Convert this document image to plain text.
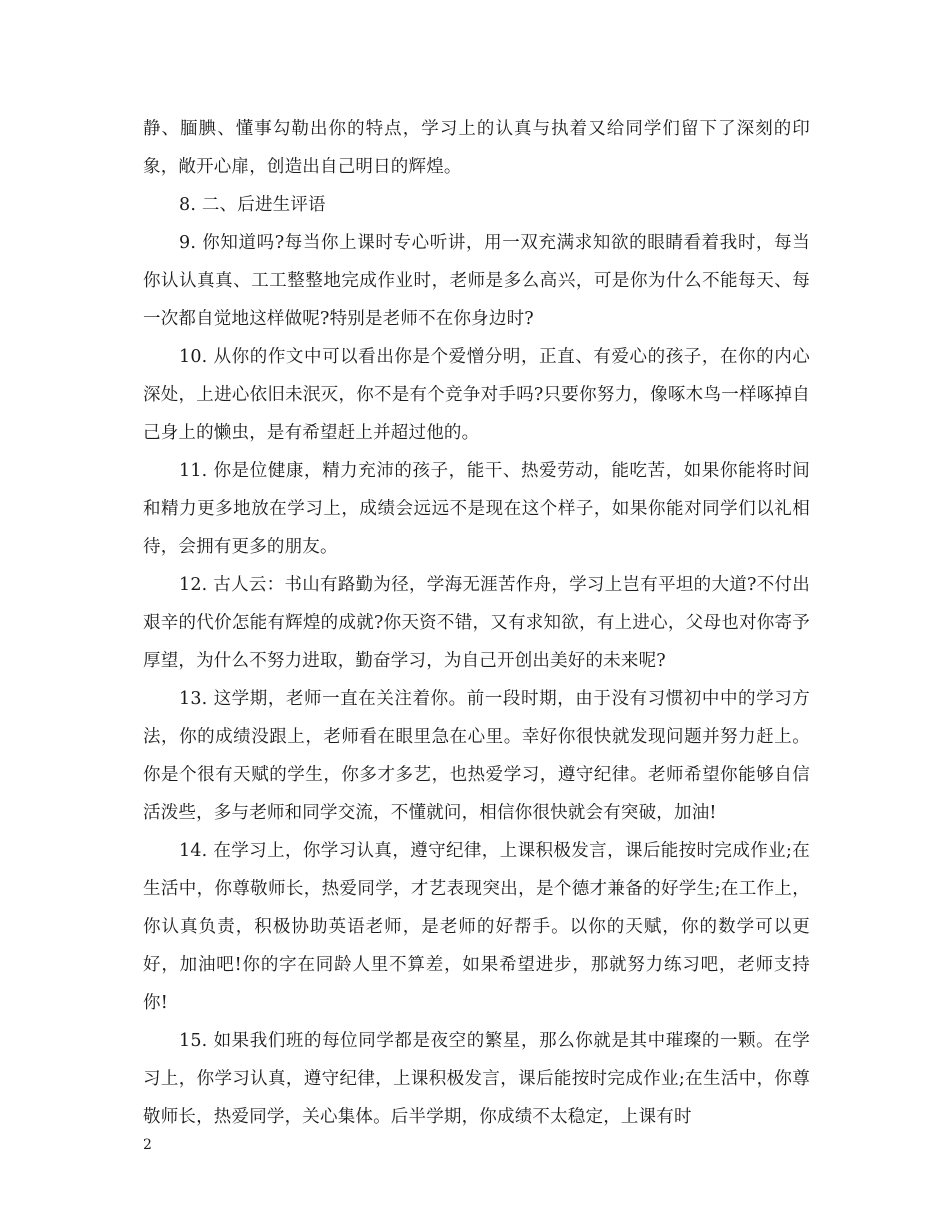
静、腼腆、懂事勾勒出你的特点，学习上的认真与执着又给同学们留下了深刻的印象，敞开心扉，创造出自己明日的辉煌。

8. 二、后进生评语

9. 你知道吗?每当你上课时专心听讲，用一双充满求知欲的眼睛看着我时，每当你认认真真、工工整整地完成作业时，老师是多么高兴，可是你为什么不能每天、每一次都自觉地这样做呢?特别是老师不在你身边时?

10. 从你的作文中可以看出你是个爱憎分明，正直、有爱心的孩子，在你的内心深处，上进心依旧未泯灭，你不是有个竞争对手吗?只要你努力，像啄木鸟一样啄掉自己身上的懒虫，是有希望赶上并超过他的。

11. 你是位健康，精力充沛的孩子，能干、热爱劳动，能吃苦，如果你能将时间和精力更多地放在学习上，成绩会远远不是现在这个样子，如果你能对同学们以礼相待，会拥有更多的朋友。

12. 古人云：书山有路勤为径，学海无涯苦作舟，学习上岂有平坦的大道?不付出艰辛的代价怎能有辉煌的成就?你天资不错，又有求知欲，有上进心，父母也对你寄予厚望，为什么不努力进取，勤奋学习，为自己开创出美好的未来呢?

13. 这学期，老师一直在关注着你。前一段时期，由于没有习惯初中中的学习方法，你的成绩没跟上，老师看在眼里急在心里。幸好你很快就发现问题并努力赶上。你是个很有天赋的学生，你多才多艺，也热爱学习，遵守纪律。老师希望你能够自信活泼些，多与老师和同学交流，不懂就问，相信你很快就会有突破，加油!

14. 在学习上，你学习认真，遵守纪律，上课积极发言，课后能按时完成作业;在生活中，你尊敬师长，热爱同学，才艺表现突出，是个德才兼备的好学生;在工作上，你认真负责，积极协助英语老师，是老师的好帮手。以你的天赋，你的数学可以更好，加油吧!你的字在同龄人里不算差，如果希望进步，那就努力练习吧，老师支持你!

15. 如果我们班的每位同学都是夜空的繁星，那么你就是其中璀璨的一颗。在学习上，你学习认真，遵守纪律，上课积极发言，课后能按时完成作业;在生活中，你尊敬师长，热爱同学，关心集体。后半学期，你成绩不太稳定，上课有时

2
